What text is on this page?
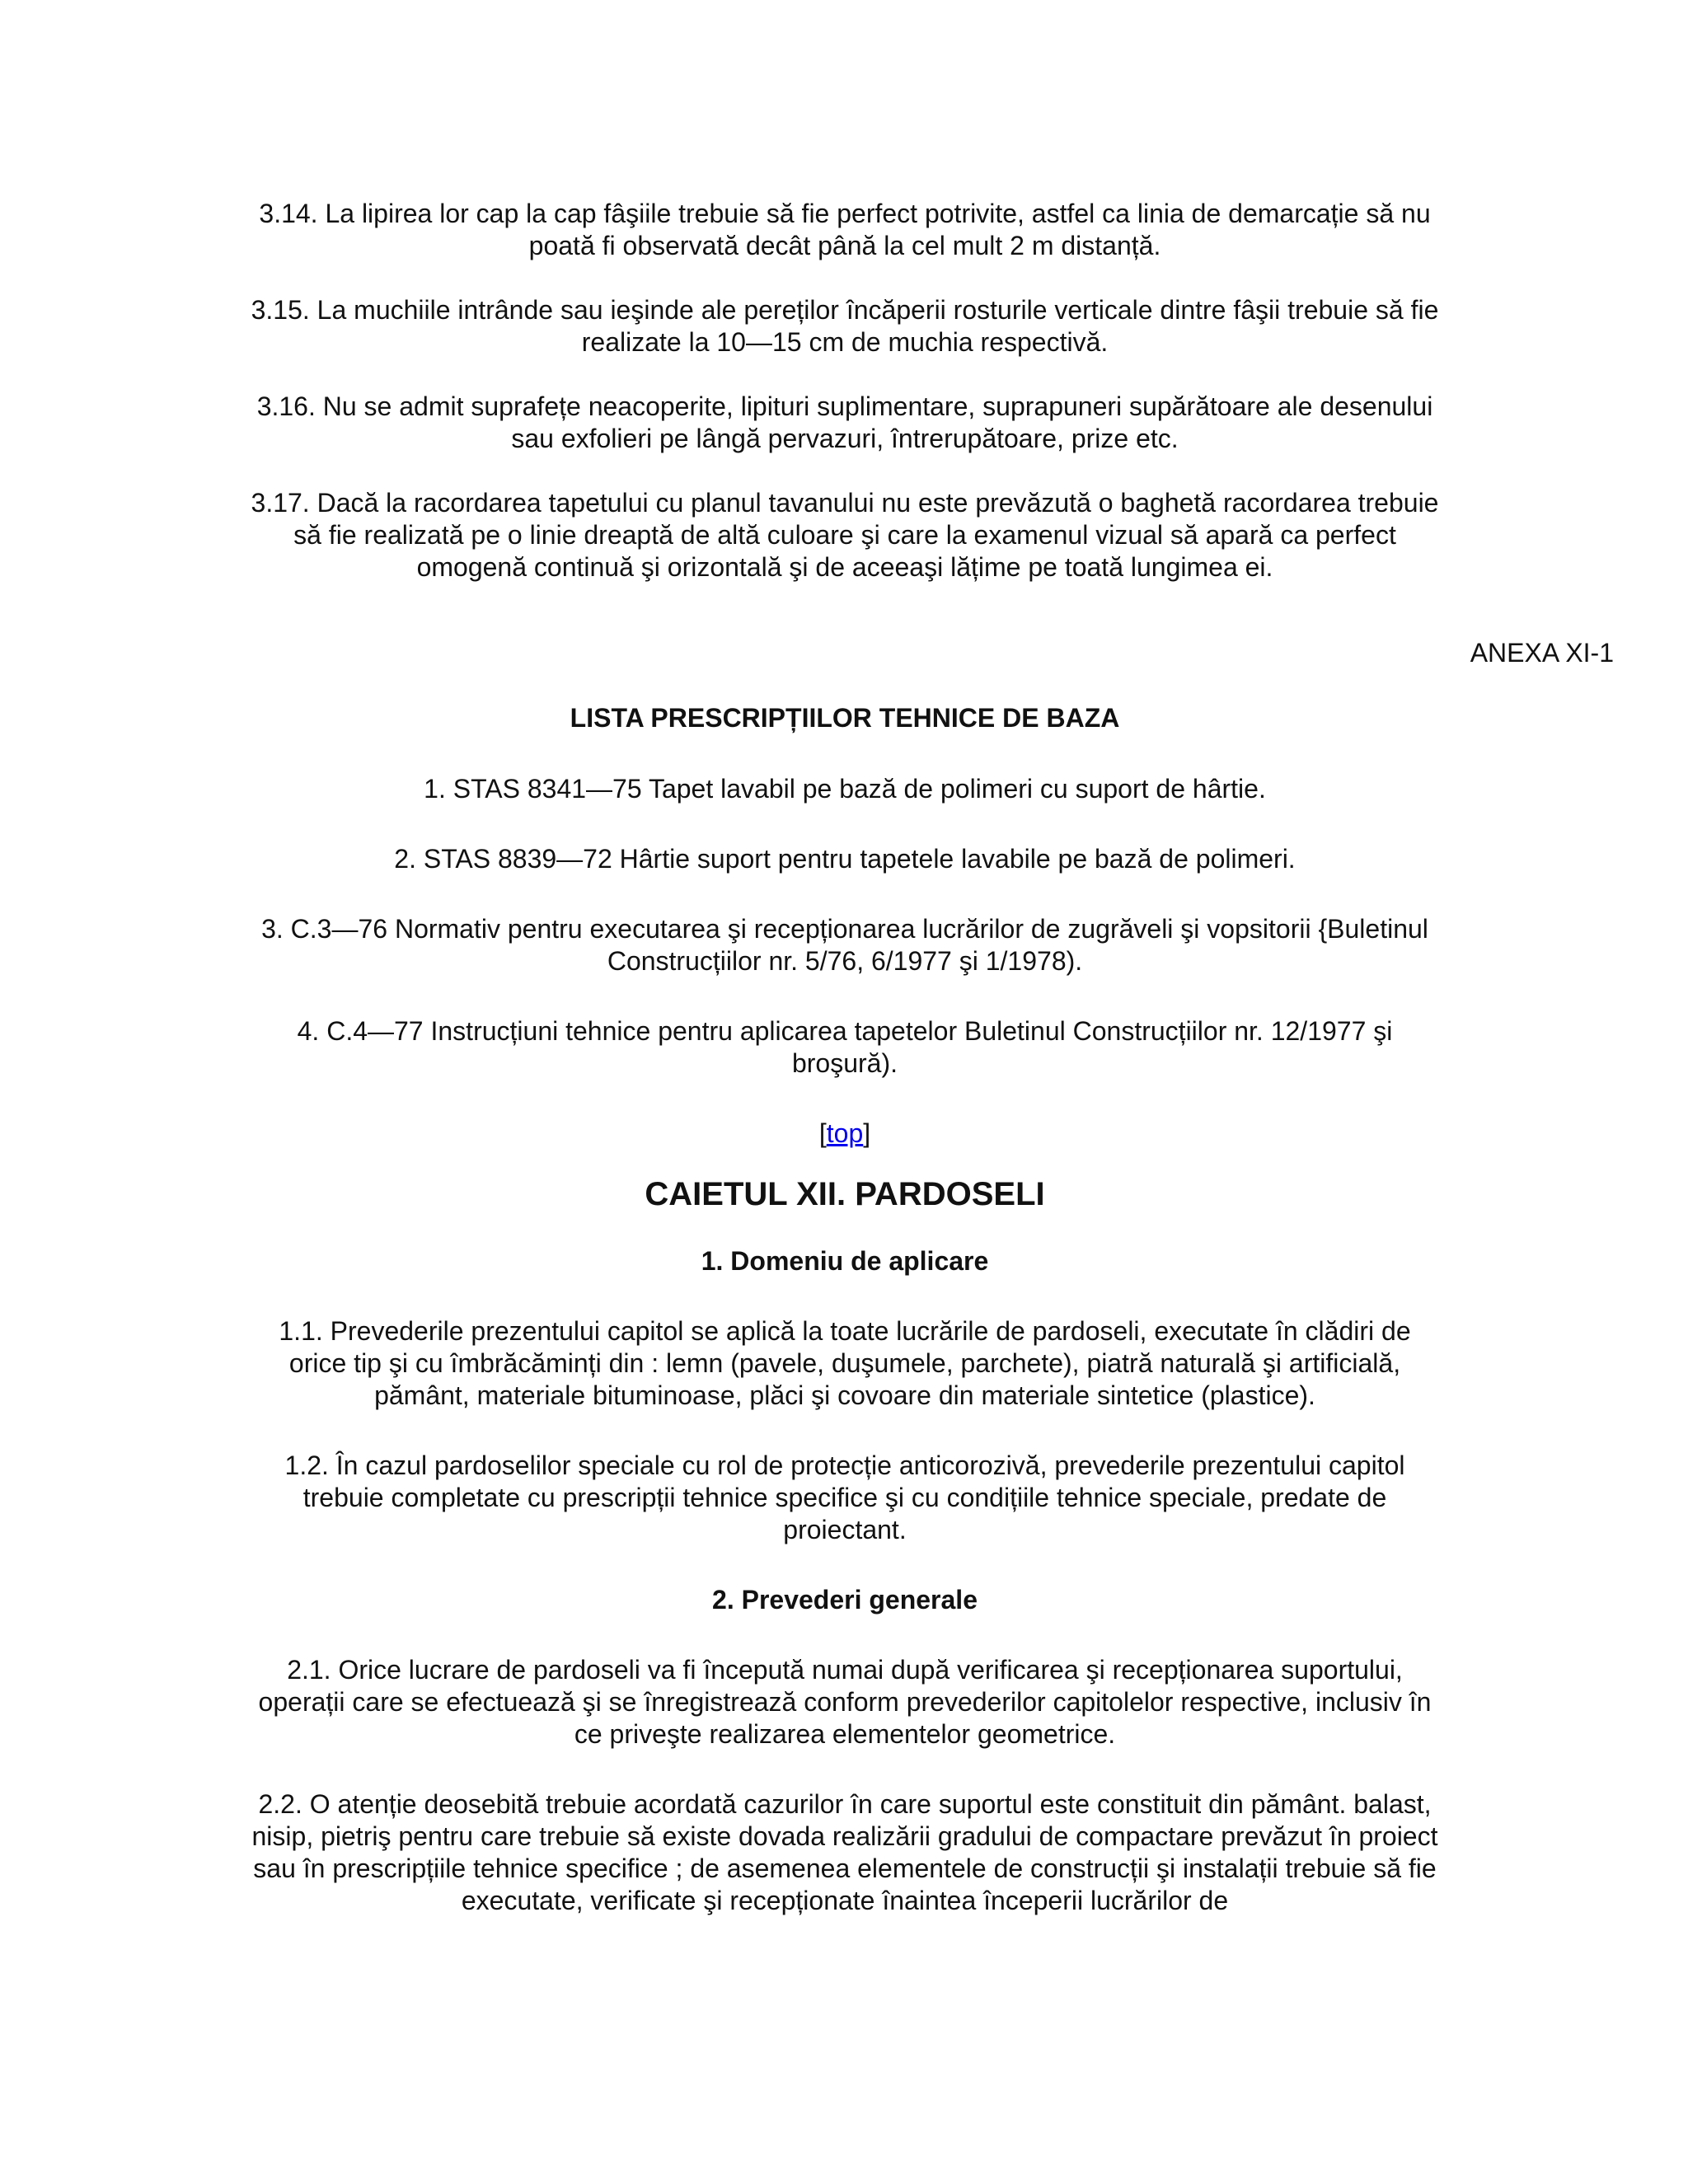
3.14. La lipirea lor cap la cap fâşiile trebuie să fie perfect potrivite, astfel ca linia de demarcație să nu poată fi observată decât până la cel mult 2 m distanță.

3.15. La muchiile intrânde sau ieşinde ale pereților încăperii rosturile verticale dintre fâşii trebuie să fie realizate la 10—15 cm de muchia respectivă.

3.16. Nu se admit suprafețe neacoperite, lipituri suplimentare, suprapuneri supărătoare ale desenului sau exfolieri pe lângă pervazuri, întrerupătoare, prize etc.

3.17. Dacă la racordarea tapetului cu planul tavanului nu este prevăzută o baghetă racordarea trebuie să fie realizată pe o linie dreaptă de altă culoare şi care la examenul vizual să apară ca perfect omogenă continuă şi orizontală şi de aceeaşi lățime pe toată lungimea ei.

LISTA PRESCRIPȚIILOR TEHNICE DE BAZA

1. STAS 8341—75 Tapet lavabil pe bază de polimeri cu suport de hârtie.

2. STAS 8839—72 Hârtie suport pentru tapetele lavabile pe bază de polimeri.

3. C.3—76 Normativ pentru executarea şi recepționarea lucrărilor de zugrăveli şi vopsitorii {Buletinul Construcțiilor nr. 5/76, 6/1977 şi 1/1978).

4. C.4—77 Instrucțiuni tehnice pentru aplicarea tapetelor Buletinul Construcțiilor nr. 12/1977 şi broşură).

[top]

CAIETUL XII. PARDOSELI
1. Domeniu de aplicare

1.1. Prevederile prezentului capitol se aplică la toate lucrările de pardoseli, executate în clădiri de orice tip şi cu îmbrăcăminți din : lemn (pavele, duşumele, parchete), piatră naturală şi artificială, pământ, materiale bituminoase, plăci şi covoare din materiale sintetice (plastice).

1.2. În cazul pardoselilor speciale cu rol de protecție anticorozivă, prevederile prezentului capitol trebuie completate cu prescripții tehnice specifice şi cu condițiile tehnice speciale, predate de proiectant.

2. Prevederi generale

2.1. Orice lucrare de pardoseli va fi începută numai după verificarea şi recepționarea suportului, operații care se efectuează şi se înregistrează conform prevederilor capitolelor respective, inclusiv în ce priveşte realizarea elementelor geometrice.

2.2. O atenție deosebită trebuie acordată cazurilor în care suportul este constituit din pământ. balast, nisip, pietriş pentru care trebuie să existe dovada realizării gradului de compactare prevăzut în proiect sau în prescripțiile tehnice specifice ; de asemenea elementele de construcții şi instalații trebuie să fie executate, verificate şi recepționate înaintea începerii lucrărilor de

ANEXA XI-1
